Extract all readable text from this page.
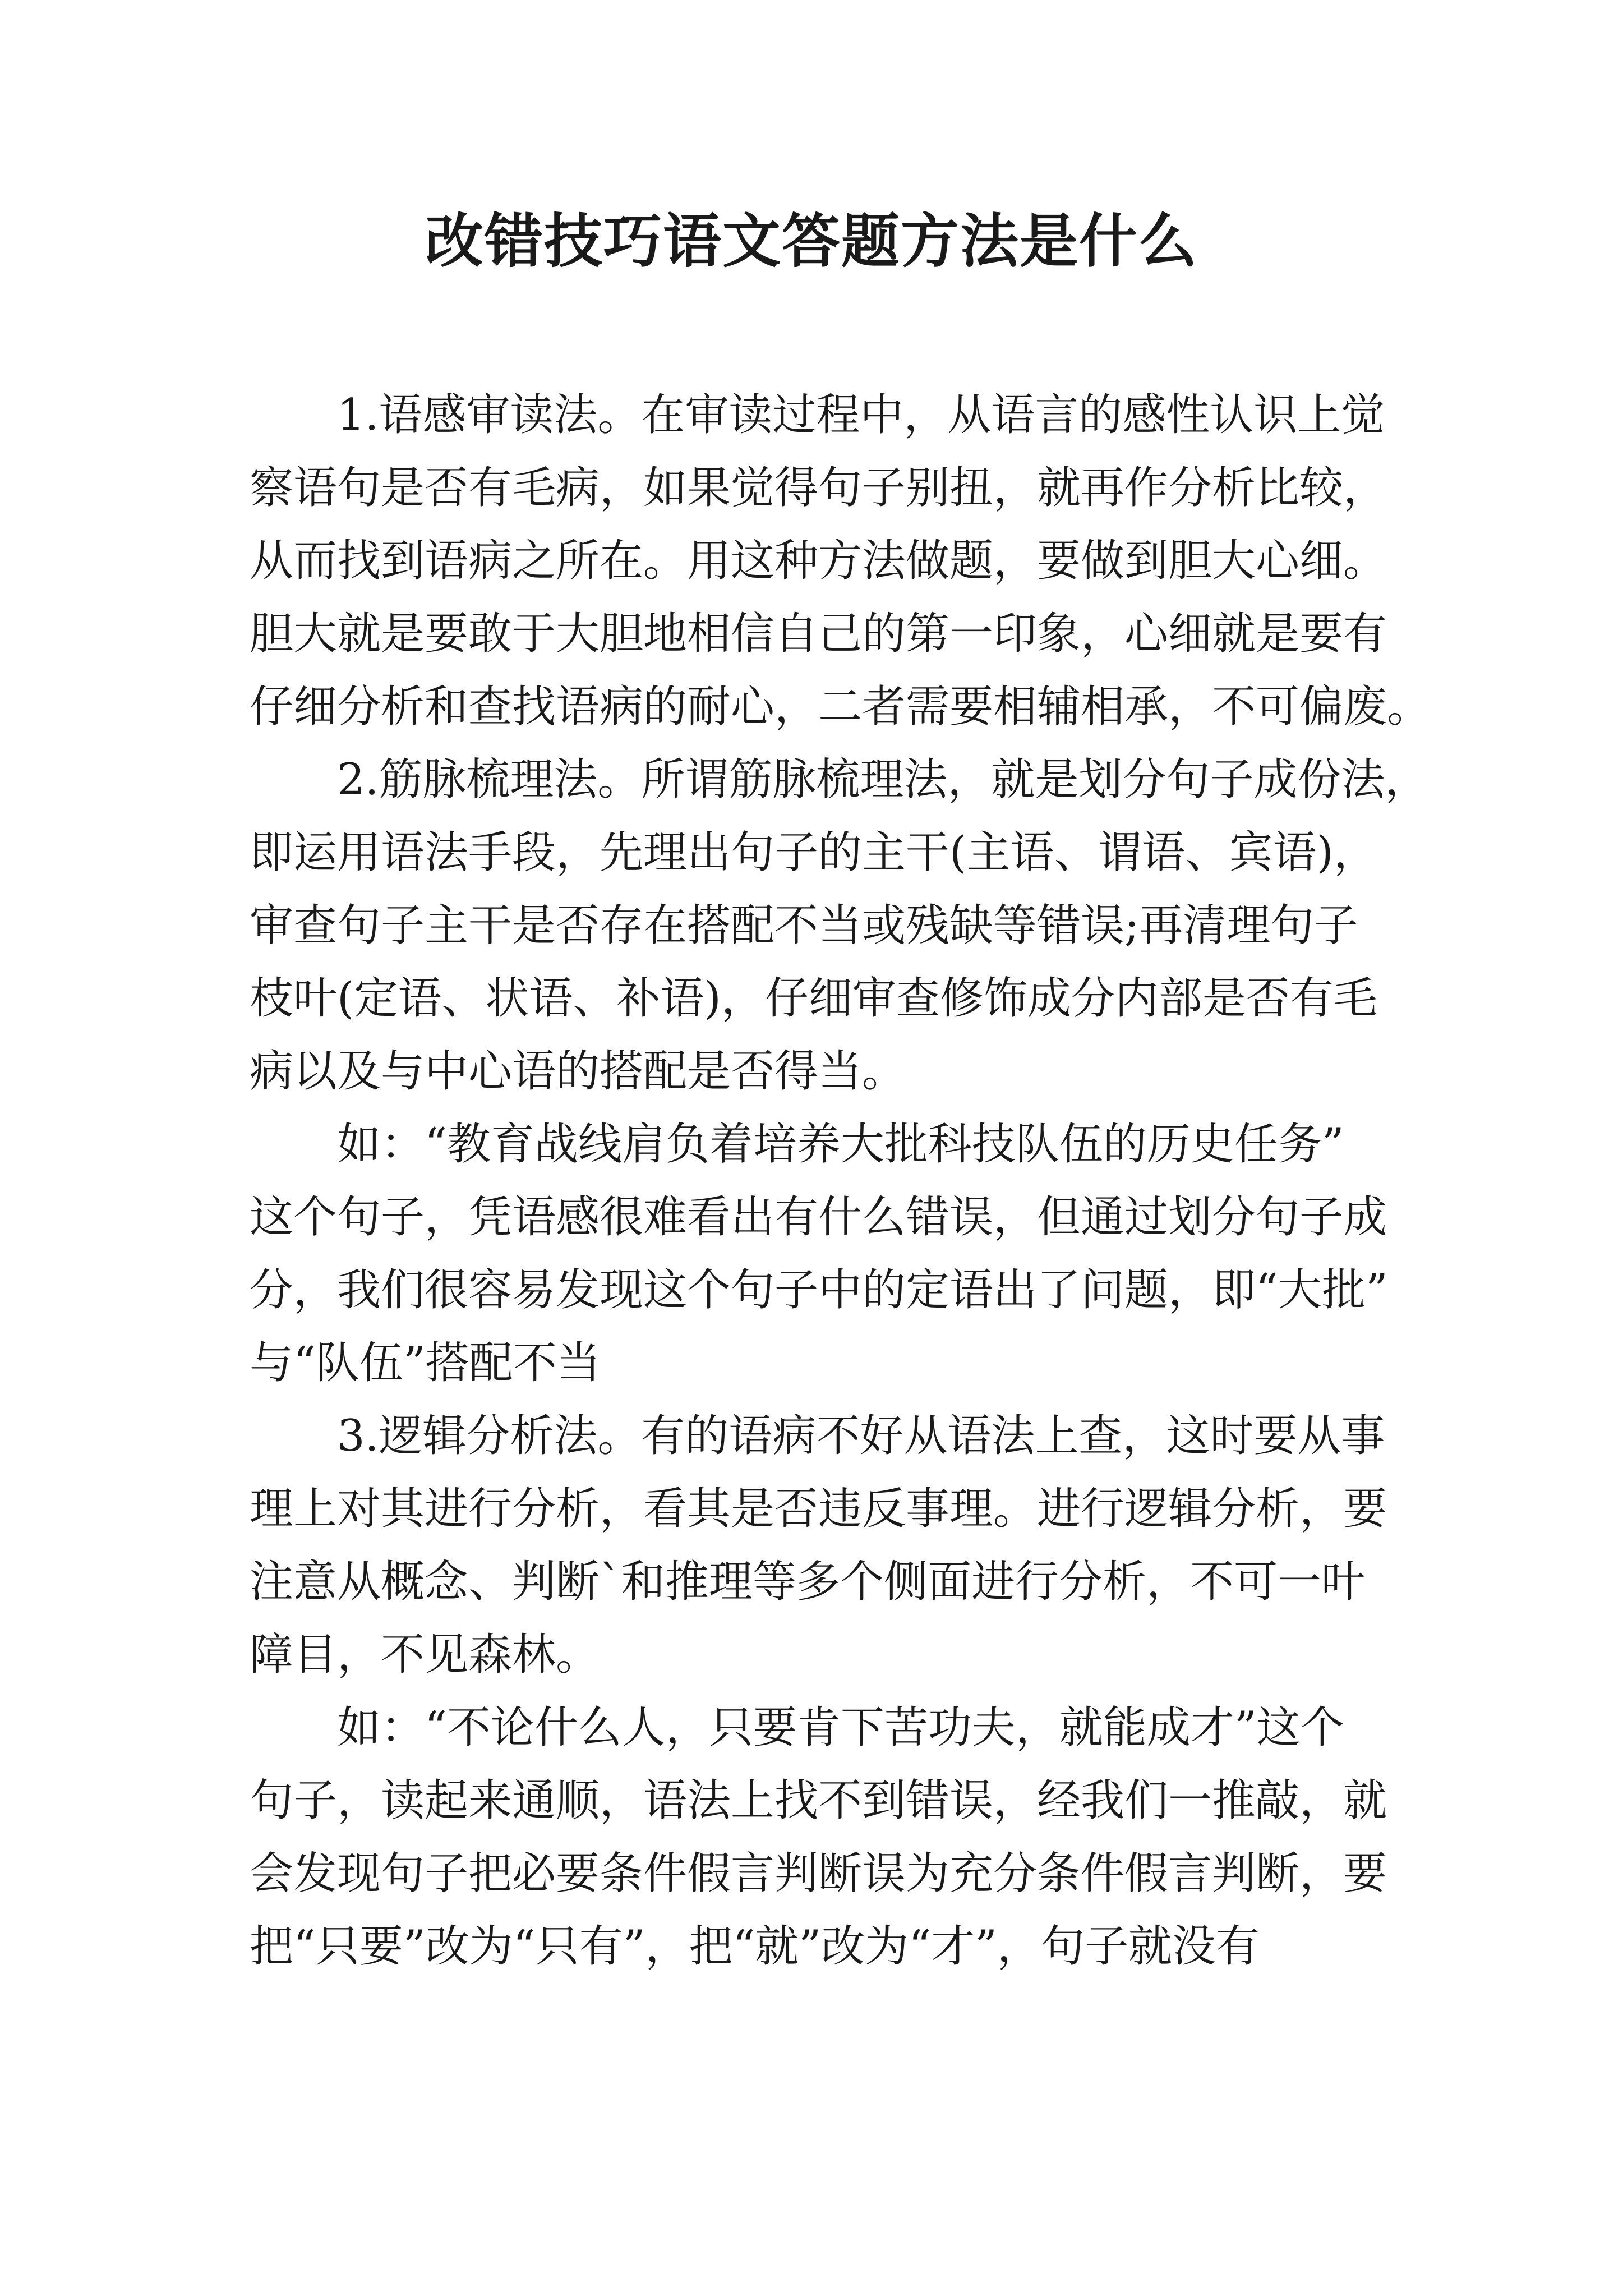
改错技巧语文答题方法是什么

1.语感审读法。在审读过程中，从语言的感性认识上觉
察语句是否有毛病，如果觉得句子别扭，就再作分析比较，
从而找到语病之所在。用这种方法做题，要做到胆大心细。
胆大就是要敢于大胆地相信自己的第一印象，心细就是要有
仔细分析和查找语病的耐心，二者需要相辅相承，不可偏废。

2.筋脉梳理法。所谓筋脉梳理法，就是划分句子成份法，
即运用语法手段，先理出句子的主干(主语、谓语、宾语)，
审查句子主干是否存在搭配不当或残缺等错误;再清理句子
枝叶(定语、状语、补语)，仔细审查修饰成分内部是否有毛
病以及与中心语的搭配是否得当。

如：“教育战线肩负着培养大批科技队伍的历史任务”
这个句子，凭语感很难看出有什么错误，但通过划分句子成
分，我们很容易发现这个句子中的定语出了问题，即“大批”
与“队伍”搭配不当

3.逻辑分析法。有的语病不好从语法上查，这时要从事
理上对其进行分析，看其是否违反事理。进行逻辑分析，要
注意从概念、判断`和推理等多个侧面进行分析，不可一叶
障目，不见森林。

如：“不论什么人，只要肯下苦功夫，就能成才”这个
句子，读起来通顺，语法上找不到错误，经我们一推敲，就
会发现句子把必要条件假言判断误为充分条件假言判断，要
把“只要”改为“只有”，把“就”改为“才”，句子就没有
